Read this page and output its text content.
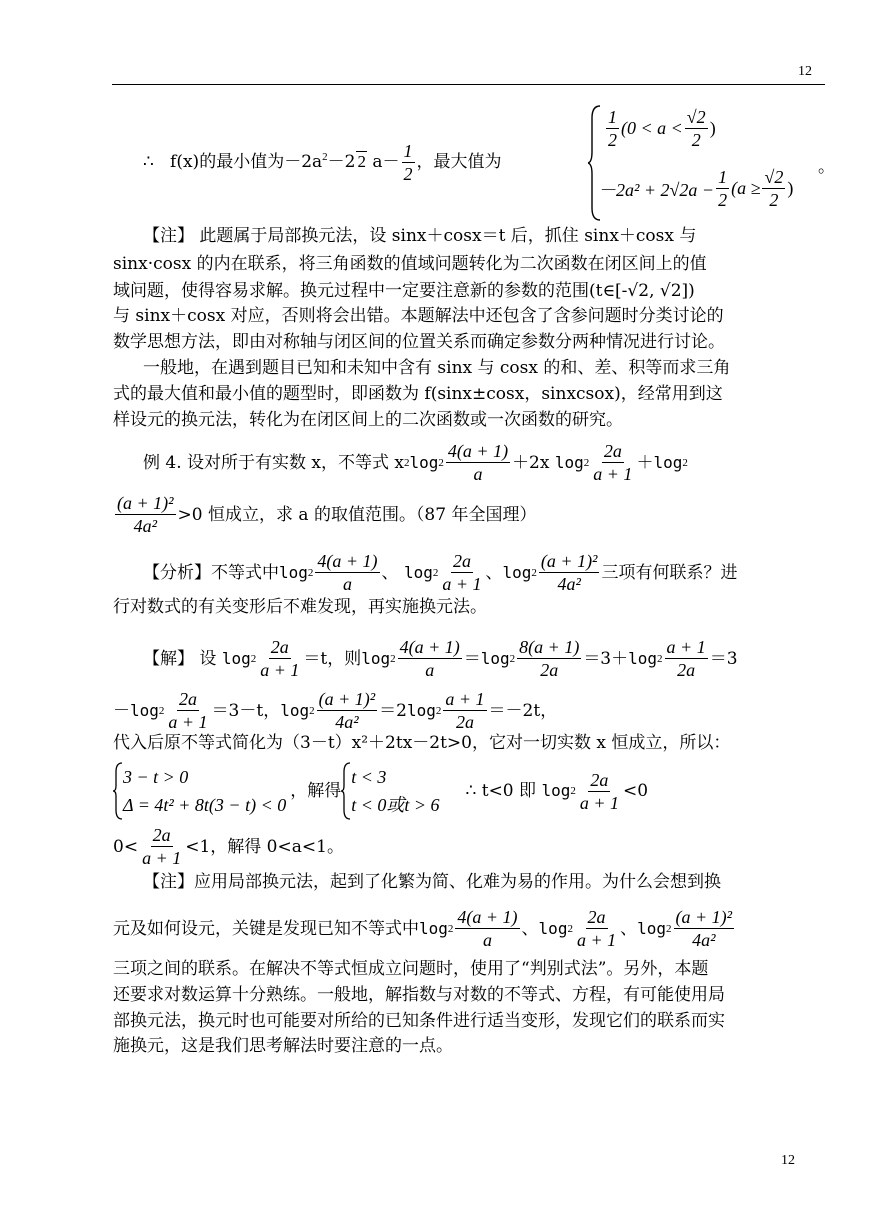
12
∴ f(x)的最小值为$-2a^2-2$ 2 $a- \frac{1}{2}$ ，最大值为
$\frac{1}{2} (0 < a < \frac{√2}{2}$ )
$-2a^2 + 2√2a - \frac{1}{2} (a \ge \frac{√2}{2}$ )
。
【注】 此题属于局部换元法，设 sinx＋cosx＝t 后，抓住 sinx＋cosx 与
sinx·cosx 的内在联系，将三角函数的值域问题转化为二次函数在闭区间上的值
域问题，使得容易求解。换元过程中一定要注意新的参数的范围(t∈[-√2, √2])
与 sinx＋cosx 对应，否则将会出错。本题解法中还包含了含参问题时分类讨论的
数学思想方法，即由对称轴与闭区间的位置关系而确定参数分两种情况进行讨论。
一般地，在遇到题目已知和未知中含有 sinx 与 cosx 的和、差、积等而求三角
式的最大值和最小值的题型时，即函数为 f(sinx±cosx，sinxcsox)，经常用到这
样设元的换元法，转化为在闭区间上的二次函数或一次函数的研究。
例 4. 设对所于有实数 x，不等式 x 2 $\log 2 \frac{4(a + 1)}{a} +2x$
$\log 2 \frac{2a}{a + 1} + \log 2$
$\frac{\text{(a + 1)²}}{\text{4a²}} >0$ 恒成立，求 a 的取值范围。（87 年全国理）
【分析】不等式中 $\log 2 \frac{4(a + 1)}{a}$ 、
$\log 2 \frac{2a}{a + 1}$ 、 $\log 2 \frac{\text{(a + 1)²}}{\text{4a²}}$ 三项有何联系？进
行对数式的有关变形后不难发现，再实施换元法。
【解】 设
$\log 2 \frac{2a}{a + 1} =t$，则 $\log 2 \frac{4(a + 1)}{a} = \log 2 \frac{8(a + 1)}{2a} =3+ \log 2 \frac{a + 1}{2a} =3$
－ $\log 2 \frac{2a}{a + 1} =3-t$， $\log 2 \frac{\text{(a + 1)²}}{\text{4a²}} =2$ $\log 2 \frac{a + 1}{2a} =-2t$，
代入后原不等式简化为（3－t）x²＋2tx－2t>0，它对一切实数 x 恒成立，所以：
3 − t > 0
Δ = 4t² + 8t(3 − t) < 0
，解得
t < 3
t < 0或t > 6
∴ t<0 即
$\log 2 \frac{2a}{a + 1} <0$
$0< \frac{2a}{a + 1} <1$，解得 0<a<1。
【注】应用局部换元法，起到了化繁为简、化难为易的作用。为什么会想到换
元及如何设元，关键是发现已知不等式中 $\log 2 \frac{4(a + 1)}{a}$ 、 $\log 2 \frac{2a}{a + 1}$ 、 $\log 2 \frac{\text{(a + 1)²}}{\text{4a²}}$
三项之间的联系。在解决不等式恒成立问题时，使用了“判别式法”。另外，本题
还要求对数运算十分熟练。一般地，解指数与对数的不等式、方程，有可能使用局
部换元法，换元时也可能要对所给的已知条件进行适当变形，发现它们的联系而实
施换元，这是我们思考解法时要注意的一点。
12
